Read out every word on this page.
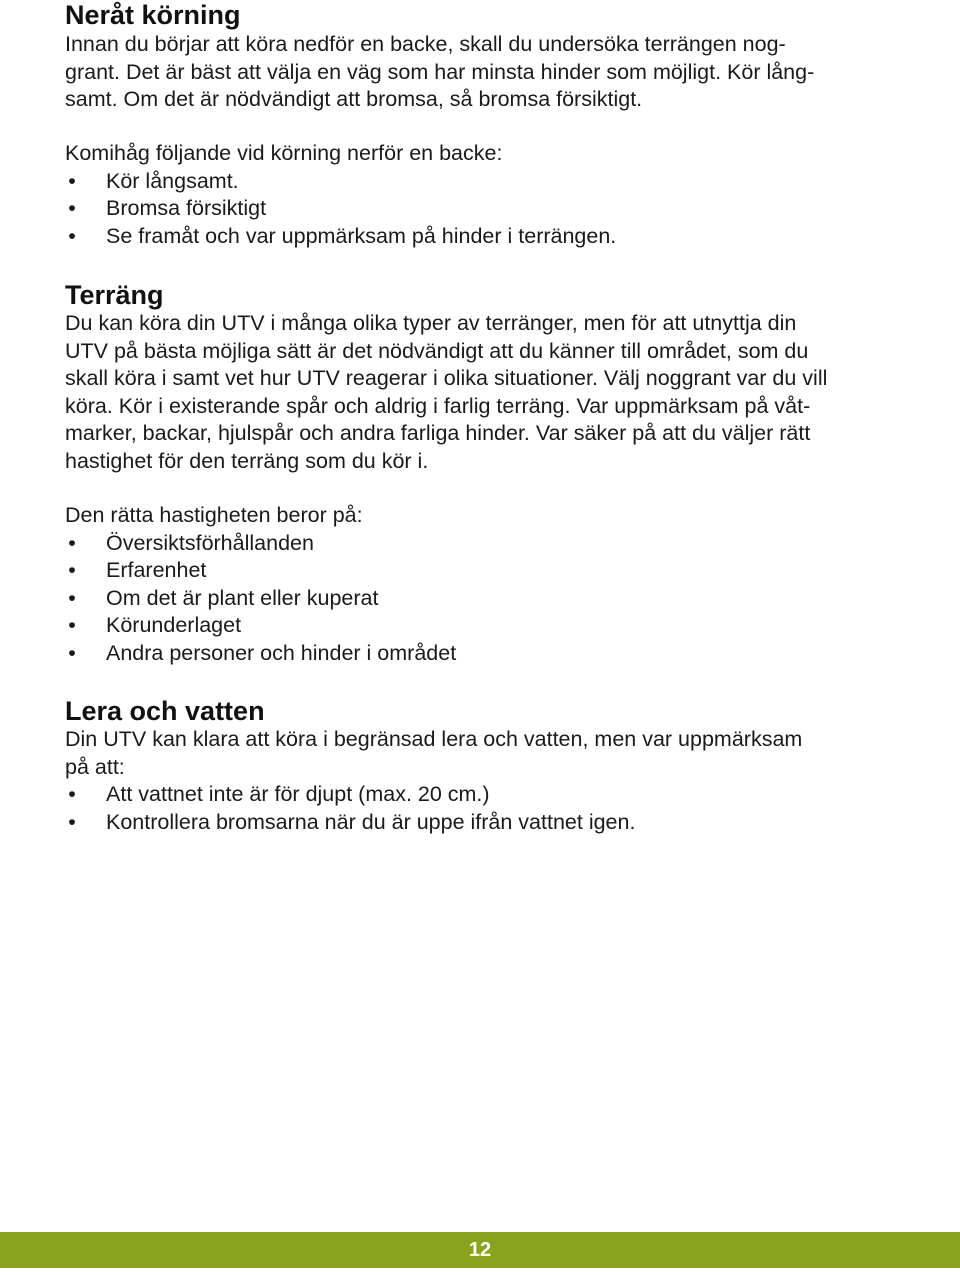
Neråt körning

Innan du börjar att köra nedför en backe, skall du undersöka terrängen nog-
grant. Det är bäst att välja en väg som har minsta hinder som möjligt. Kör lång-
samt. Om det är nödvändigt att bromsa, så bromsa försiktigt.

Komihåg följande vid körning nerför en backe:

• Kör långsamt.
• Bromsa försiktigt
• Se framåt och var uppmärksam på hinder i terrängen.
Terräng

Du kan köra din UTV i många olika typer av terränger, men för att utnyttja din
UTV på bästa möjliga sätt är det nödvändigt att du känner till området, som du
skall köra i samt vet hur UTV reagerar i olika situationer. Välj noggrant var du vill
köra. Kör i existerande spår och aldrig i farlig terräng. Var uppmärksam på våt-
marker, backar, hjulspår och andra farliga hinder. Var säker på att du väljer rätt
hastighet för den terräng som du kör i.

Den rätta hastigheten beror på:

• Översiktsförhållanden
• Erfarenhet
• Om det är plant eller kuperat
• Körunderlaget
• Andra personer och hinder i området
Lera och vatten

Din UTV kan klara att köra i begränsad lera och vatten, men var uppmärksam
på att:

• Att vattnet inte är för djupt (max. 20 cm.)
• Kontrollera bromsarna när du är uppe ifrån vattnet igen.
12
